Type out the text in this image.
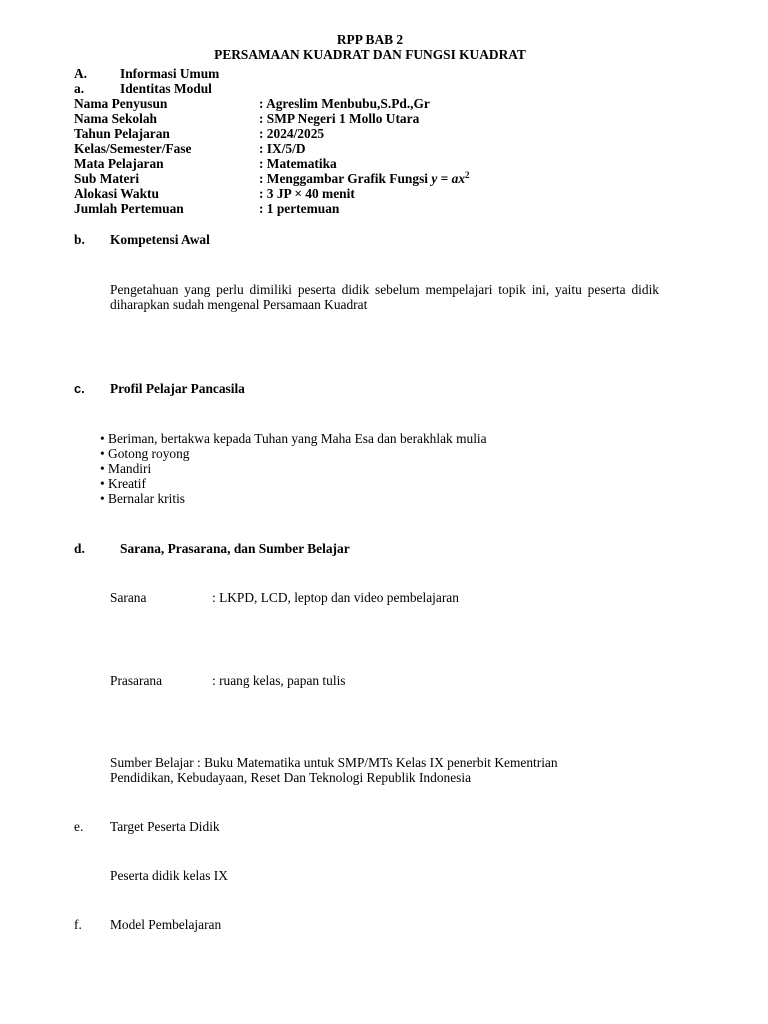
RPP BAB 2
PERSAMAAN KUADRAT DAN FUNGSI KUADRAT
A. Informasi Umum
a.	Identitas Modul
Nama Penyusun	: Agreslim Menbubu,S.Pd.,Gr
Nama Sekolah	: SMP Negeri 1 Mollo Utara
Tahun Pelajaran	: 2024/2025
Kelas/Semester/Fase	: IX/5/D
Mata Pelajaran	: Matematika
Sub Materi	: Menggambar Grafik Fungsi $y = ax^2$
Alokasi Waktu	: 3 JP × 40 menit
Jumlah Pertemuan	: 1 pertemuan
b. Kompetensi Awal
Pengetahuan yang perlu dimiliki peserta didik sebelum mempelajari topik ini, yaitu peserta didik diharapkan sudah mengenal Persamaan Kuadrat
c. Profil Pelajar Pancasila
• Beriman, bertakwa kepada Tuhan yang Maha Esa dan berakhlak mulia
• Gotong royong
• Mandiri
• Kreatif
• Bernalar kritis
d.	Sarana, Prasarana, dan Sumber Belajar
Sarana	: LKPD, LCD, leptop dan video pembelajaran
Prasarana	: ruang kelas, papan tulis
Sumber Belajar : Buku Matematika untuk SMP/MTs Kelas IX penerbit Kementrian
Pendidikan, Kebudayaan, Reset Dan Teknologi Republik Indonesia
e. Target Peserta Didik
Peserta didik kelas IX
f. Model Pembelajaran
